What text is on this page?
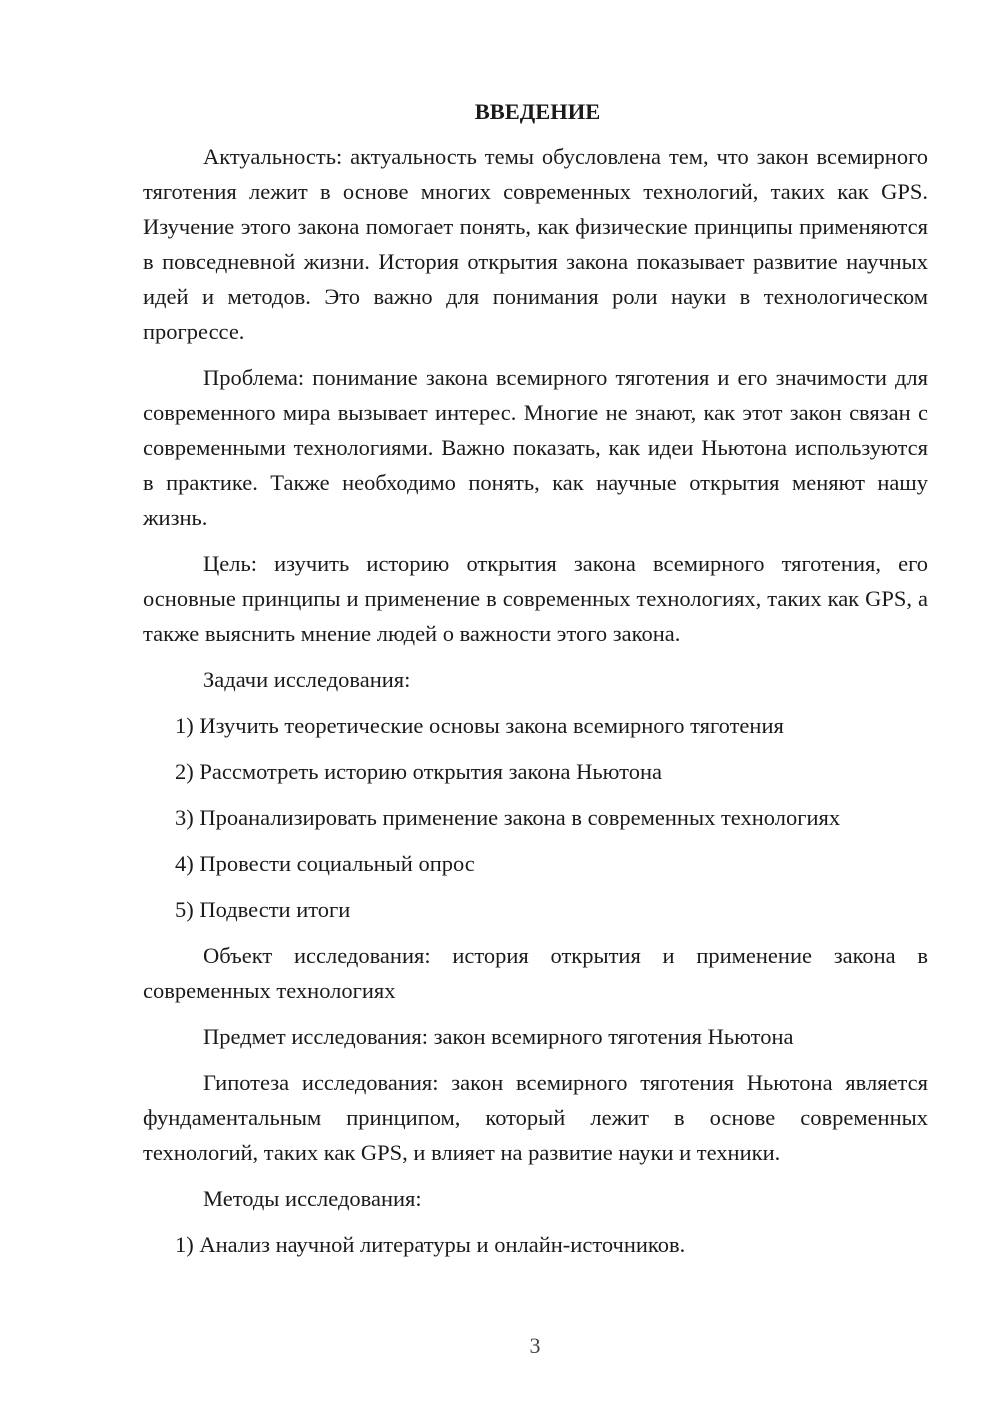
ВВЕДЕНИЕ

Актуальность: актуальность темы обусловлена тем, что закон всемирного тяготения лежит в основе многих современных технологий, таких как GPS. Изучение этого закона помогает понять, как физические принципы применяются в повседневной жизни. История открытия закона показывает развитие научных идей и методов. Это важно для понимания роли науки в технологическом прогрессе.

Проблема: понимание закона всемирного тяготения и его значимости для современного мира вызывает интерес. Многие не знают, как этот закон связан с современными технологиями. Важно показать, как идеи Ньютона используются в практике. Также необходимо понять, как научные открытия меняют нашу жизнь.

Цель: изучить историю открытия закона всемирного тяготения, его основные принципы и применение в современных технологиях, таких как GPS, а также выяснить мнение людей о важности этого закона.

Задачи исследования:

1) Изучить теоретические основы закона всемирного тяготения
2) Рассмотреть историю открытия закона Ньютона
3) Проанализировать применение закона в современных технологиях
4) Провести социальный опрос
5) Подвести итоги

Объект исследования: история открытия и применение закона в современных технологиях

Предмет исследования: закон всемирного тяготения Ньютона

Гипотеза исследования: закон всемирного тяготения Ньютона является фундаментальным принципом, который лежит в основе современных технологий, таких как GPS, и влияет на развитие науки и техники.

Методы исследования:

1) Анализ научной литературы и онлайн-источников.
3
